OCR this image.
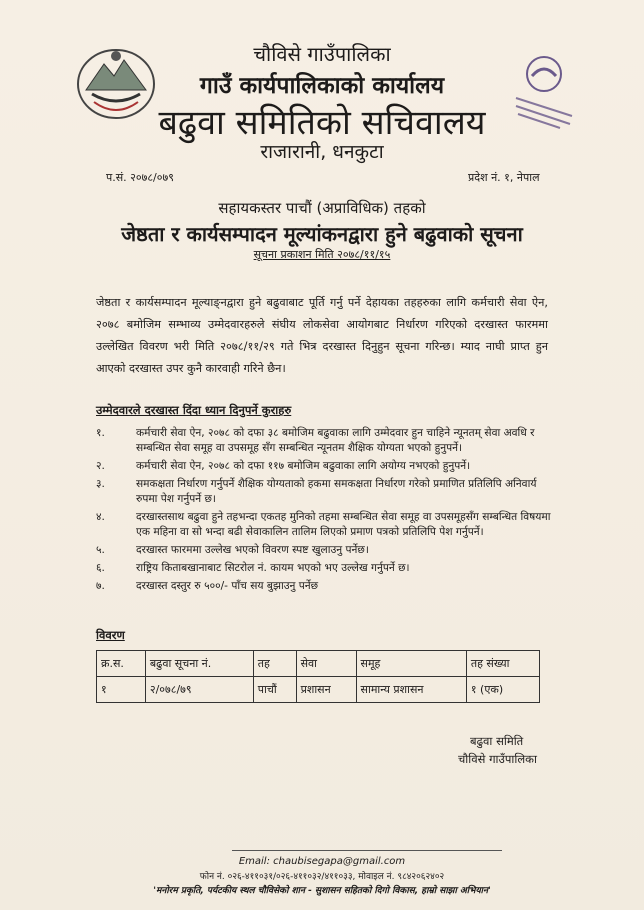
चौविसे गाउँपालिका
गाउँ कार्यपालिकाको कार्यालय
बढुवा समितिको सचिवालय
राजारानी, धनकुटा
प.सं. २०७८/०७९	प्रदेश नं. १, नेपाल
सहायकस्तर पाचौं (अप्राविधिक) तहको
जेष्ठता र कार्यसम्पादन मूल्यांकनद्वारा हुने बढुवाको सूचना
सूचना प्रकाशन मिति २०७८/११/१५
जेष्ठता र कार्यसम्पादन मूल्याङ्नद्वारा हुने बढुवाबाट पूर्ति गर्नु पर्ने देहायका तहहरुका लागि कर्मचारी सेवा ऐन, २०७८ बमोजिम सम्भाव्य उम्मेदवारहरुले संघीय लोकसेवा आयोगबाट निर्धारण गरिएको दरखास्त फारममा उल्लेखित विवरण भरी मिति २०७८/११/२९ गते भित्र दरखास्त दिनुहुन सूचना गरिन्छ। म्याद नाघी प्राप्त हुन आएको दरखास्त उपर कुनै कारवाही गरिने छैन।
उम्मेदवारले दरखास्त दिंदा ध्यान दिनुपर्ने कुराहरु
१.	कर्मचारी सेवा ऐन, २०७८ को दफा ३८ बमोजिम बढुवाका लागि उम्मेदवार हुन चाहिने न्यूनतम् सेवा अवधि र सम्बन्धित सेवा समूह वा उपसमूह सँग सम्बन्धित न्यूनतम शैक्षिक योग्यता भएको हुनुपर्ने।
२.	कर्मचारी सेवा ऐन, २०७८ को दफा ११७ बमोजिम बढुवाका लागि अयोग्य नभएको हुनुपर्ने।
३.	समकक्षता निर्धारण गर्नुपर्ने शैक्षिक योग्यताको हकमा समकक्षता निर्धारण गरेको प्रमाणित प्रतिलिपि अनिवार्य रुपमा पेश गर्नुपर्ने छ।
४.	दरखास्तसाथ बढुवा हुने तहभन्दा एकतह मुनिको तहमा सम्बन्धित सेवा समूह वा उपसमूहसँग सम्बन्धित विषयमा एक महिना वा सो भन्दा बढी सेवाकालिन तालिम लिएको प्रमाण पत्रको प्रतिलिपि पेश गर्नुपर्ने।
५.	दरखास्त फारममा उल्लेख भएको विवरण स्पष्ट खुलाउनु पर्नेछ।
६.	राष्ट्रिय किताबखानाबाट सिटरोल नं. कायम भएको भए उल्लेख गर्नुपर्ने छ।
७.	दरखास्त दस्तुर रु ५००/- पाँच सय बुझाउनु पर्नेछ
विवरण
क्र.स.	बढुवा सूचना नं.	तह	सेवा	समूह	तह संख्या
१	२/०७८/७९	पाचौं	प्रशासन	सामान्य प्रशासन	१ (एक)
बढुवा समिति
चौविसे गाउँपालिका
Email: chaubisegapa@gmail.com
फोन नं. ०२६-४११०३१/०२६-४११०३२/४११०३३, मोवाइल नं. ९८४२०६२४०२
'मनोरम प्रकृति, पर्यटकीय स्थल चौविसेको शान - सुशासन सहितको दिगो विकास, हाम्रो साझा अभियान'
